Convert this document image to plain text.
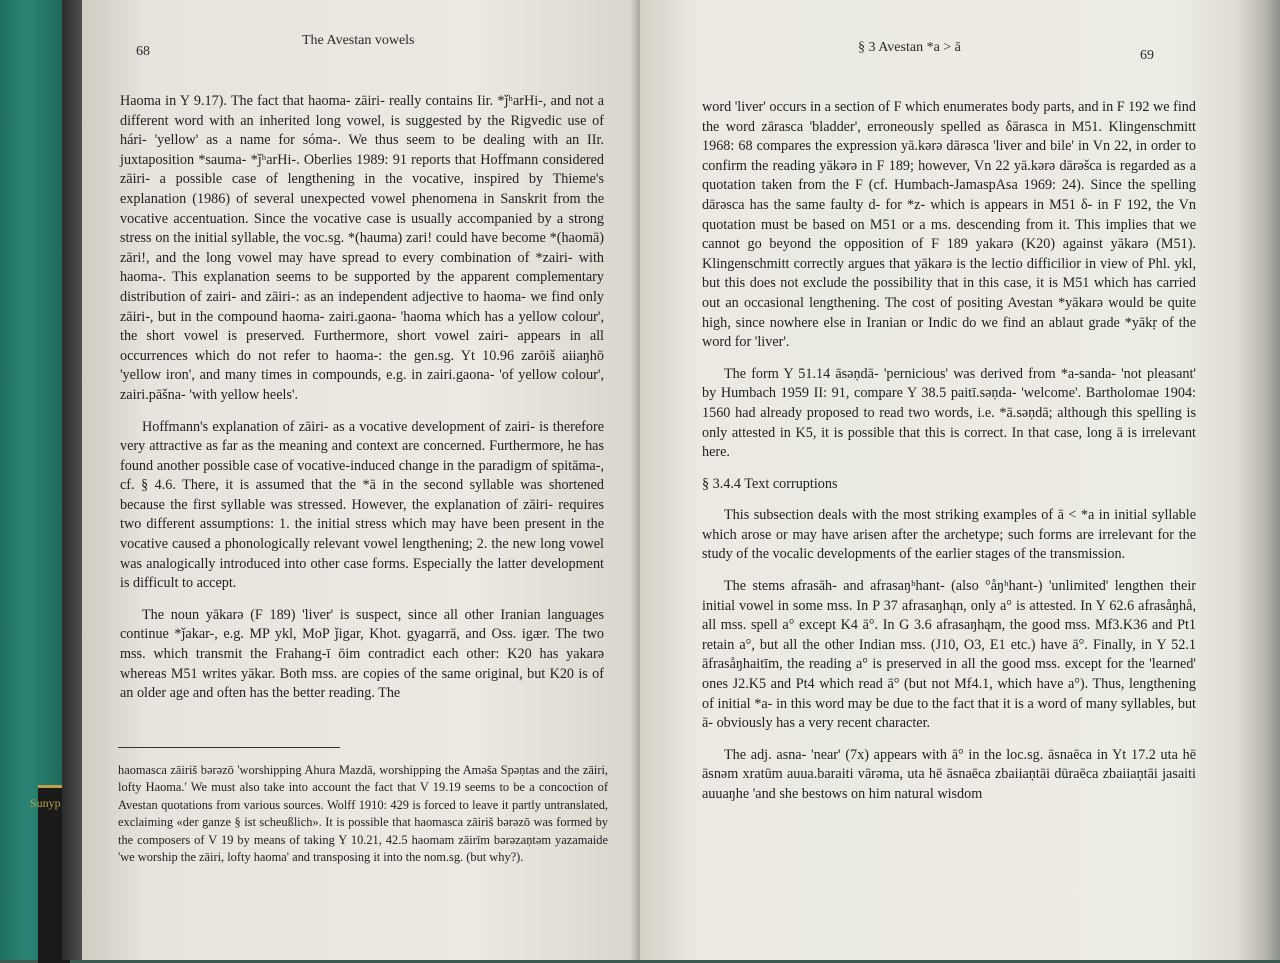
Sunyp
68
The Avestan vowels

Haoma in Y 9.17). The fact that haoma- zāiri- really contains Iir. *ǰʰarHi-, and not a different word with an inherited long vowel, is suggested by the Rigvedic use of hári- 'yellow' as a name for sóma-. We thus seem to be dealing with an IIr. juxtaposition *sauma- *ǰʰarHi-. Oberlies 1989: 91 reports that Hoffmann considered zāiri- a possible case of lengthening in the vocative, inspired by Thieme's explanation (1986) of several unexpected vowel phenomena in Sanskrit from the vocative accentuation. Since the vocative case is usually accompanied by a strong stress on the initial syllable, the voc.sg. *(hauma) zari! could have become *(haomā) zāri!, and the long vowel may have spread to every combination of *zairi- with haoma-. This explanation seems to be supported by the apparent complementary distribution of zairi- and zāiri-: as an independent adjective to haoma- we find only zāiri-, but in the compound haoma- zairi.gaona- 'haoma which has a yellow colour', the short vowel is preserved. Furthermore, short vowel zairi- appears in all occurrences which do not refer to haoma-: the gen.sg. Yt 10.96 zarōiš aiiaŋhō 'yellow iron', and many times in compounds, e.g. in zairi.gaona- 'of yellow colour', zairi.pāšna- 'with yellow heels'.

Hoffmann's explanation of zāiri- as a vocative development of zairi- is therefore very attractive as far as the meaning and context are concerned. Furthermore, he has found another possible case of vocative-induced change in the paradigm of spitāma-, cf. § 4.6. There, it is assumed that the *ā in the second syllable was shortened because the first syllable was stressed. However, the explanation of zāiri- requires two different assumptions: 1. the initial stress which may have been present in the vocative caused a phonologically relevant vowel lengthening; 2. the new long vowel was analogically introduced into other case forms. Especially the latter development is difficult to accept.

The noun yākarə (F 189) 'liver' is suspect, since all other Iranian languages continue *ǰakar-, e.g. MP ykl, MoP ǰigar, Khot. gyagarrā, and Oss. igær. The two mss. which transmit the Frahang-ī ōim contradict each other: K20 has yakarə whereas M51 writes yākar. Both mss. are copies of the same original, but K20 is of an older age and often has the better reading. The

haomasca zāiriš bərəzō 'worshipping Ahura Mazdā, worshipping the Aməša Spəṇtas and the zāiri, lofty Haoma.' We must also take into account the fact that V 19.19 seems to be a concoction of Avestan quotations from various sources. Wolff 1910: 429 is forced to leave it partly untranslated, exclaiming «der ganze § ist scheußlich». It is possible that haomasca zāiriš bərəzō was formed by the composers of V 19 by means of taking Y 10.21, 42.5 haomam zāirīm bərəzaṇtəm yazamaide 'we worship the zāiri, lofty haoma' and transposing it into the nom.sg. (but why?).
§ 3 Avestan *a > ā
69

word 'liver' occurs in a section of F which enumerates body parts, and in F 192 we find the word zārasca 'bladder', erroneously spelled as δārasca in M51. Klingenschmitt 1968: 68 compares the expression yā.kərə dārəsca 'liver and bile' in Vn 22, in order to confirm the reading yākərə in F 189; however, Vn 22 yā.kərə dārəšca is regarded as a quotation taken from the F (cf. Humbach-JamaspAsa 1969: 24). Since the spelling dārəsca has the same faulty d- for *z- which is appears in M51 δ- in F 192, the Vn quotation must be based on M51 or a ms. descending from it. This implies that we cannot go beyond the opposition of F 189 yakarə (K20) against yākarə (M51). Klingenschmitt correctly argues that yākarə is the lectio difficilior in view of Phl. ykl, but this does not exclude the possibility that in this case, it is M51 which has carried out an occasional lengthening. The cost of positing Avestan *yākarə would be quite high, since nowhere else in Iranian or Indic do we find an ablaut grade *yākṛ of the word for 'liver'.

The form Y 51.14 āsəṇdā- 'pernicious' was derived from *a-sanda- 'not pleasant' by Humbach 1959 II: 91, compare Y 38.5 paitī.səṇda- 'welcome'. Bartholomae 1904: 1560 had already proposed to read two words, i.e. *ā.səṇdā; although this spelling is only attested in K5, it is possible that this is correct. In that case, long ā is irrelevant here.

§ 3.4.4 Text corruptions

This subsection deals with the most striking examples of ā < *a in initial syllable which arose or may have arisen after the archetype; such forms are irrelevant for the study of the vocalic developments of the earlier stages of the transmission.

The stems afrasāh- and afrasaŋʰhant- (also °åŋʰhant-) 'unlimited' lengthen their initial vowel in some mss. In P 37 afrasaŋhąn, only a° is attested. In Y 62.6 afrasåŋhå, all mss. spell a° except K4 ā°. In G 3.6 afrasaŋhąm, the good mss. Mf3.K36 and Pt1 retain a°, but all the other Indian mss. (J10, O3, E1 etc.) have ā°. Finally, in Y 52.1 āfrasåŋhaitīm, the reading a° is preserved in all the good mss. except for the 'learned' ones J2.K5 and Pt4 which read ā° (but not Mf4.1, which have a°). Thus, lengthening of initial *a- in this word may be due to the fact that it is a word of many syllables, but ā- obviously has a very recent character.

The adj. asna- 'near' (7x) appears with ā° in the loc.sg. āsnaēca in Yt 17.2 uta hē āsnəm xratūm auua.baraiti vārəma, uta hē āsnaēca zbaiiaṇtāi dūraēca zbaiiaṇtāi jasaiti auuaŋhe 'and she bestows on him natural wisdom
